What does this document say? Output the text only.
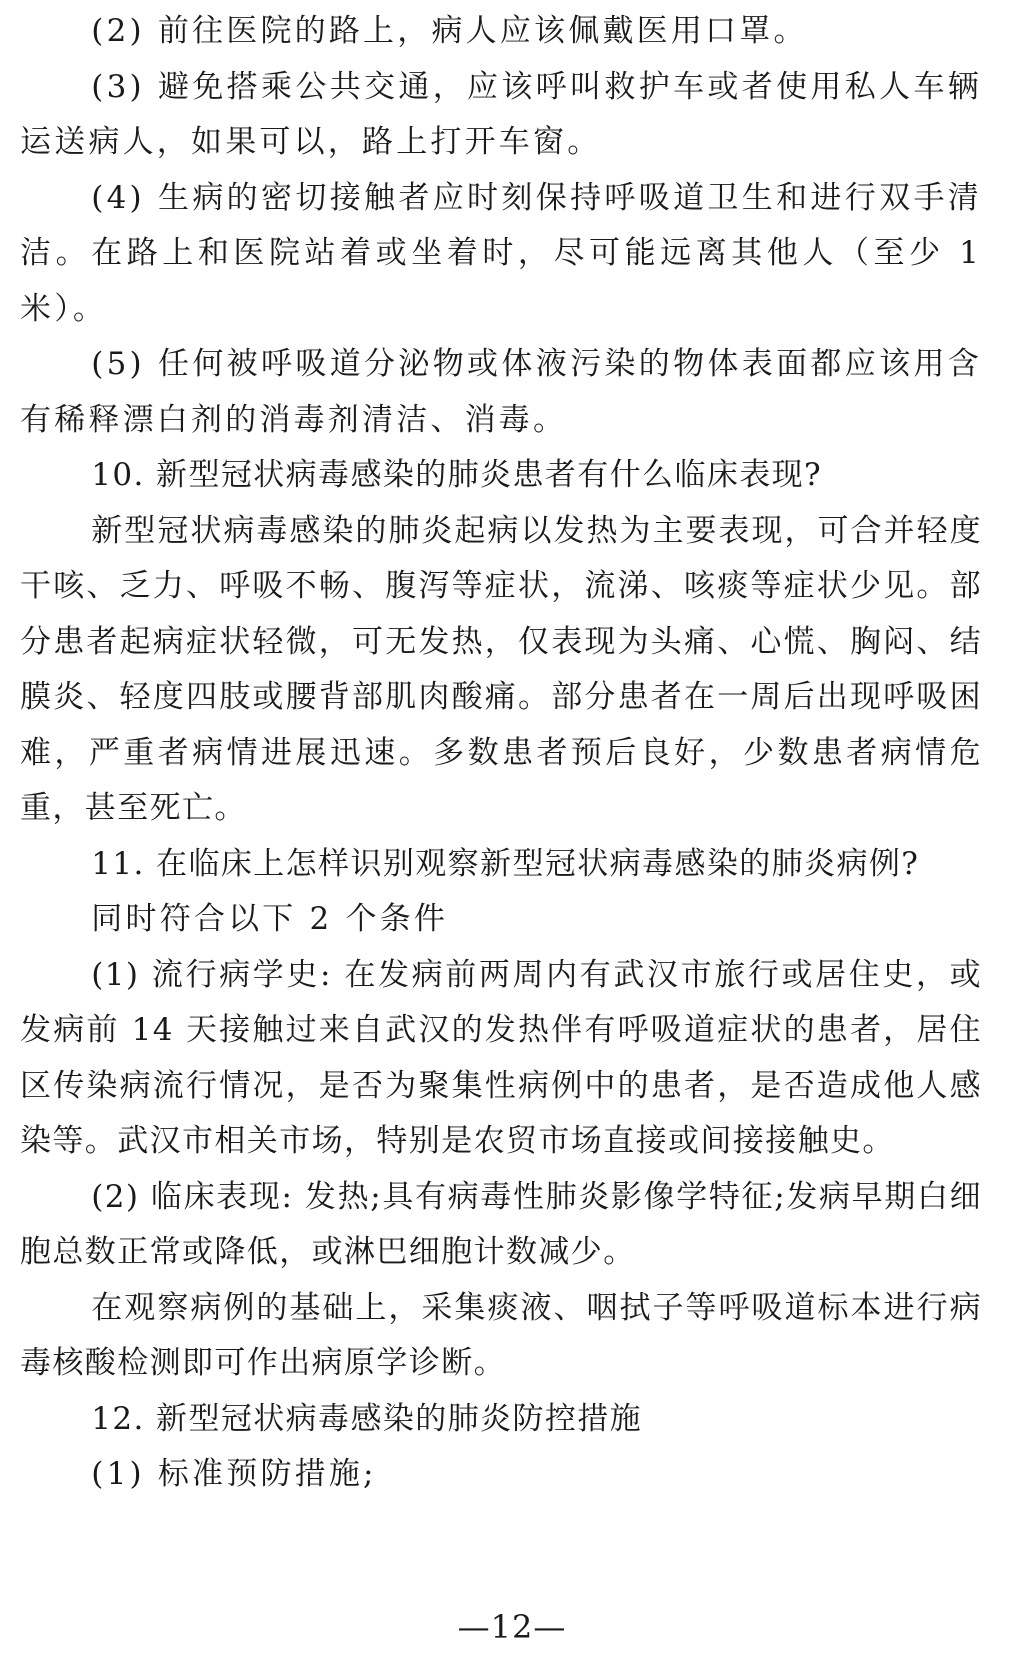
(2) 前往医院的路上，病人应该佩戴医用口罩。

(3) 避免搭乘公共交通，应该呼叫救护车或者使用私人车辆运送病人，如果可以，路上打开车窗。

(4) 生病的密切接触者应时刻保持呼吸道卫生和进行双手清洁。在路上和医院站着或坐着时，尽可能远离其他人（至少 1 米）。

(5) 任何被呼吸道分泌物或体液污染的物体表面都应该用含有稀释漂白剂的消毒剂清洁、消毒。

10. 新型冠状病毒感染的肺炎患者有什么临床表现?

新型冠状病毒感染的肺炎起病以发热为主要表现，可合并轻度干咳、乏力、呼吸不畅、腹泻等症状，流涕、咳痰等症状少见。部分患者起病症状轻微，可无发热，仅表现为头痛、心慌、胸闷、结膜炎、轻度四肢或腰背部肌肉酸痛。部分患者在一周后出现呼吸困难，严重者病情进展迅速。多数患者预后良好，少数患者病情危重，甚至死亡。

11. 在临床上怎样识别观察新型冠状病毒感染的肺炎病例?

同时符合以下 2 个条件

(1) 流行病学史: 在发病前两周内有武汉市旅行或居住史，或发病前 14 天接触过来自武汉的发热伴有呼吸道症状的患者，居住区传染病流行情况，是否为聚集性病例中的患者，是否造成他人感染等。武汉市相关市场，特别是农贸市场直接或间接接触史。

(2) 临床表现: 发热;具有病毒性肺炎影像学特征;发病早期白细胞总数正常或降低，或淋巴细胞计数减少。

在观察病例的基础上，采集痰液、咽拭子等呼吸道标本进行病毒核酸检测即可作出病原学诊断。

12. 新型冠状病毒感染的肺炎防控措施

(1) 标准预防措施;

—12—
